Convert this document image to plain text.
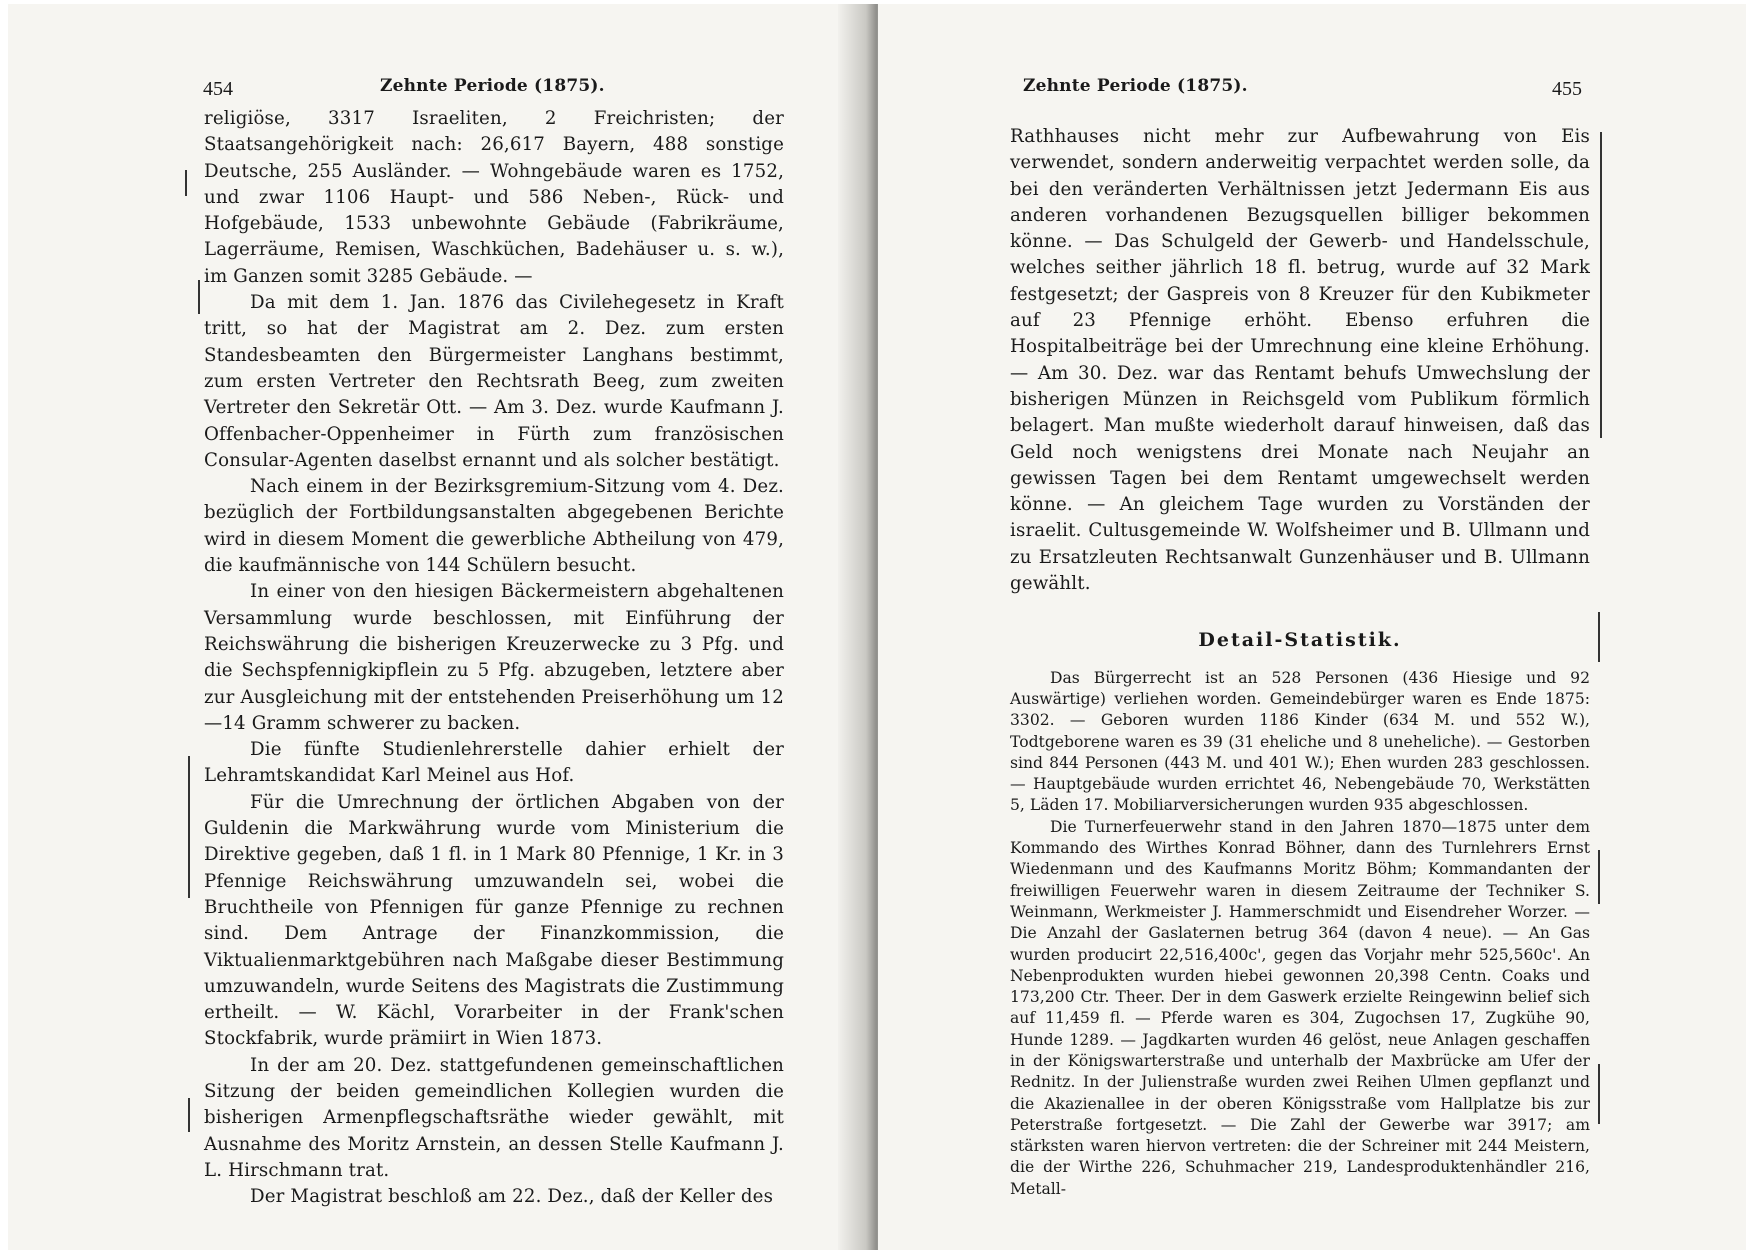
454	Zehnte Periode (1875).

religiöse, 3317 Israeliten, 2 Freichristen; der Staatsangehörigkeit nach: 26,617 Bayern, 488 sonstige Deutsche, 255 Ausländer. — Wohngebäude waren es 1752, und zwar 1106 Haupt- und 586 Neben-, Rück- und Hofgebäude, 1533 unbewohnte Gebäude (Fabrikräume, Lagerräume, Remisen, Waschküchen, Badehäuser u. s. w.), im Ganzen somit 3285 Gebäude. —

Da mit dem 1. Jan. 1876 das Civilehegesetz in Kraft tritt, so hat der Magistrat am 2. Dez. zum ersten Standesbeamten den Bürgermeister Langhans bestimmt, zum ersten Vertreter den Rechtsrath Beeg, zum zweiten Vertreter den Sekretär Ott. — Am 3. Dez. wurde Kaufmann J. Offenbacher-Oppenheimer in Fürth zum französischen Consular-Agenten daselbst ernannt und als solcher bestätigt.

Nach einem in der Bezirksgremium-Sitzung vom 4. Dez. bezüglich der Fortbildungsanstalten abgegebenen Berichte wird in diesem Moment die gewerbliche Abtheilung von 479, die kaufmännische von 144 Schülern besucht.

In einer von den hiesigen Bäckermeistern abgehaltenen Versammlung wurde beschlossen, mit Einführung der Reichswährung die bisherigen Kreuzerwecke zu 3 Pfg. und die Sechspfennigkipflein zu 5 Pfg. abzugeben, letztere aber zur Ausgleichung mit der entstehenden Preiserhöhung um 12—14 Gramm schwerer zu backen.

Die fünfte Studienlehrerstelle dahier erhielt der Lehramtskandidat Karl Meinel aus Hof.

Für die Umrechnung der örtlichen Abgaben von der Guldenin die Markwährung wurde vom Ministerium die Direktive gegeben, daß 1 fl. in 1 Mark 80 Pfennige, 1 Kr. in 3 Pfennige Reichswährung umzuwandeln sei, wobei die Bruchtheile von Pfennigen für ganze Pfennige zu rechnen sind. Dem Antrage der Finanzkommission, die Viktualienmarktgebühren nach Maßgabe dieser Bestimmung umzuwandeln, wurde Seitens des Magistrats die Zustimmung ertheilt. — W. Kächl, Vorarbeiter in der Frank'schen Stockfabrik, wurde prämiirt in Wien 1873.

In der am 20. Dez. stattgefundenen gemeinschaftlichen Sitzung der beiden gemeindlichen Kollegien wurden die bisherigen Armenpflegschaftsräthe wieder gewählt, mit Ausnahme des Moritz Arnstein, an dessen Stelle Kaufmann J. L. Hirschmann trat.

Der Magistrat beschloß am 22. Dez., daß der Keller des

Zehnte Periode (1875).	455

Rathhauses nicht mehr zur Aufbewahrung von Eis verwendet, sondern anderweitig verpachtet werden solle, da bei den veränderten Verhältnissen jetzt Jedermann Eis aus anderen vorhandenen Bezugsquellen billiger bekommen könne. — Das Schulgeld der Gewerb- und Handelsschule, welches seither jährlich 18 fl. betrug, wurde auf 32 Mark festgesetzt; der Gaspreis von 8 Kreuzer für den Kubikmeter auf 23 Pfennige erhöht. Ebenso erfuhren die Hospitalbeiträge bei der Umrechnung eine kleine Erhöhung. — Am 30. Dez. war das Rentamt behufs Umwechslung der bisherigen Münzen in Reichsgeld vom Publikum förmlich belagert. Man mußte wiederholt darauf hinweisen, daß das Geld noch wenigstens drei Monate nach Neujahr an gewissen Tagen bei dem Rentamt umgewechselt werden könne. — An gleichem Tage wurden zu Vorständen der israelit. Cultusgemeinde W. Wolfsheimer und B. Ullmann und zu Ersatzleuten Rechtsanwalt Gunzenhäuser und B. Ullmann gewählt.

Detail-Statistik.

Das Bürgerrecht ist an 528 Personen (436 Hiesige und 92 Auswärtige) verliehen worden. Gemeindebürger waren es Ende 1875: 3302. — Geboren wurden 1186 Kinder (634 M. und 552 W.), Todtgeborene waren es 39 (31 eheliche und 8 uneheliche). — Gestorben sind 844 Personen (443 M. und 401 W.); Ehen wurden 283 geschlossen. — Hauptgebäude wurden errichtet 46, Nebengebäude 70, Werkstätten 5, Läden 17. Mobiliarversicherungen wurden 935 abgeschlossen.

Die Turnerfeuerwehr stand in den Jahren 1870—1875 unter dem Kommando des Wirthes Konrad Böhner, dann des Turnlehrers Ernst Wiedenmann und des Kaufmanns Moritz Böhm; Kommandanten der freiwilligen Feuerwehr waren in diesem Zeitraume der Techniker S. Weinmann, Werkmeister J. Hammerschmidt und Eisendreher Worzer. — Die Anzahl der Gaslaternen betrug 364 (davon 4 neue). — An Gas wurden producirt 22,516,400c', gegen das Vorjahr mehr 525,560c'. An Nebenprodukten wurden hiebei gewonnen 20,398 Centn. Coaks und 173,200 Ctr. Theer. Der in dem Gaswerk erzielte Reingewinn belief sich auf 11,459 fl. — Pferde waren es 304, Zugochsen 17, Zugkühe 90, Hunde 1289. — Jagdkarten wurden 46 gelöst, neue Anlagen geschaffen in der Königswarterstraße und unterhalb der Maxbrücke am Ufer der Rednitz. In der Julienstraße wurden zwei Reihen Ulmen gepflanzt und die Akazienallee in der oberen Königsstraße vom Hallplatze bis zur Peterstraße fortgesetzt. — Die Zahl der Gewerbe war 3917; am stärksten waren hiervon vertreten: die der Schreiner mit 244 Meistern, die der Wirthe 226, Schuhmacher 219, Landesproduktenhändler 216, Metall-
